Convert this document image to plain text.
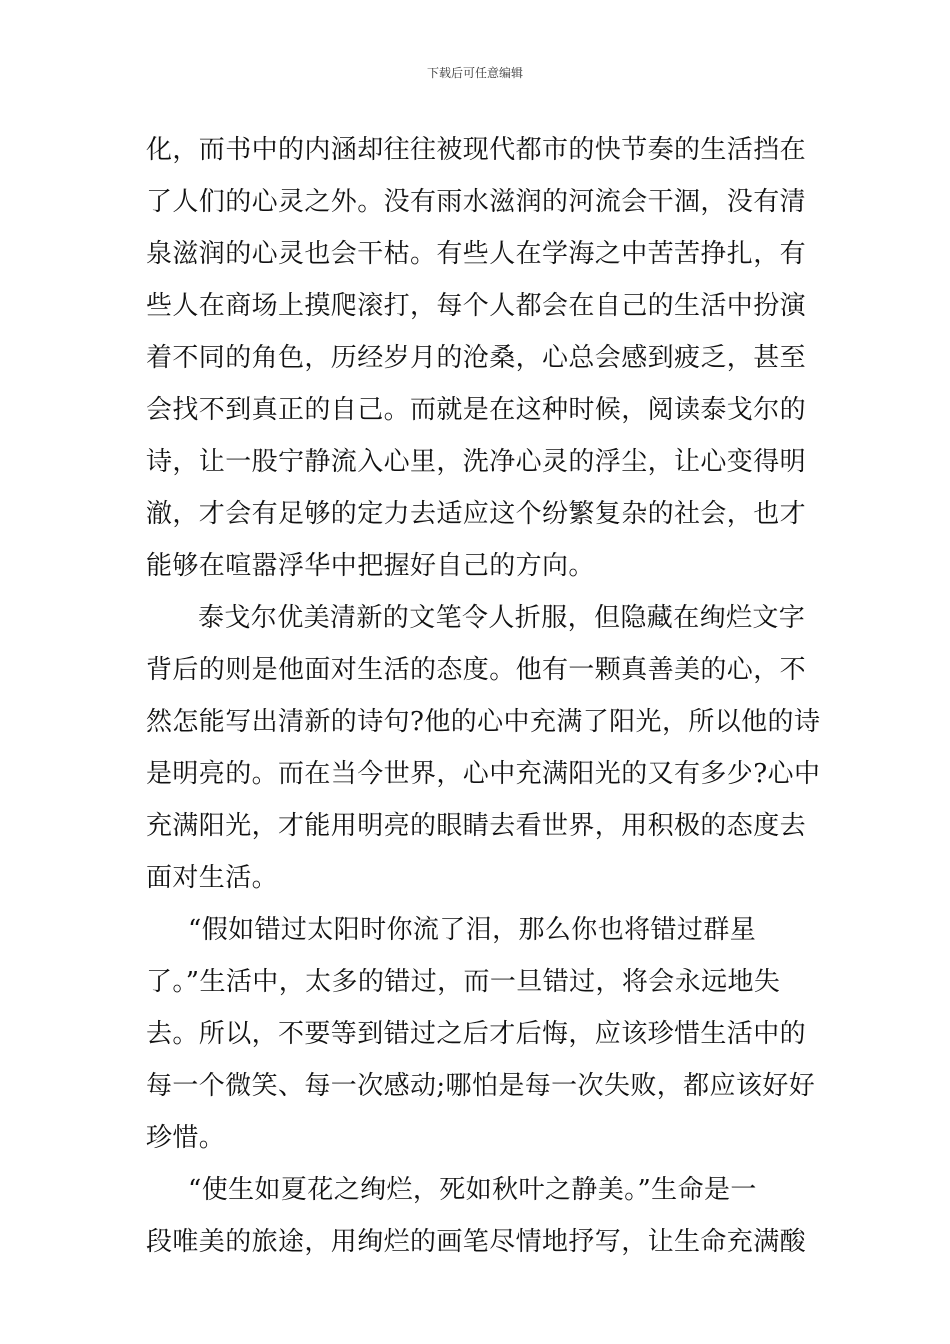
下载后可任意编辑
化，而书中的内涵却往往被现代都市的快节奏的生活挡在
了人们的心灵之外。没有雨水滋润的河流会干涸，没有清
泉滋润的心灵也会干枯。有些人在学海之中苦苦挣扎，有
些人在商场上摸爬滚打，每个人都会在自己的生活中扮演
着不同的角色，历经岁月的沧桑，心总会感到疲乏，甚至
会找不到真正的自己。而就是在这种时候，阅读泰戈尔的
诗，让一股宁静流入心里，洗净心灵的浮尘，让心变得明
澈，才会有足够的定力去适应这个纷繁复杂的社会，也才
能够在喧嚣浮华中把握好自己的方向。
泰戈尔优美清新的文笔令人折服，但隐藏在绚烂文字
背后的则是他面对生活的态度。他有一颗真善美的心，不
然怎能写出清新的诗句?他的心中充满了阳光，所以他的诗
是明亮的。而在当今世界，心中充满阳光的又有多少?心中
充满阳光，才能用明亮的眼睛去看世界，用积极的态度去
面对生活。
“假如错过太阳时你流了泪，那么你也将错过群星
了。”生活中，太多的错过，而一旦错过，将会永远地失
去。所以，不要等到错过之后才后悔，应该珍惜生活中的
每一个微笑、每一次感动;哪怕是每一次失败，都应该好好
珍惜。
“使生如夏花之绚烂，死如秋叶之静美。”生命是一
段唯美的旅途，用绚烂的画笔尽情地抒写，让生命充满酸
